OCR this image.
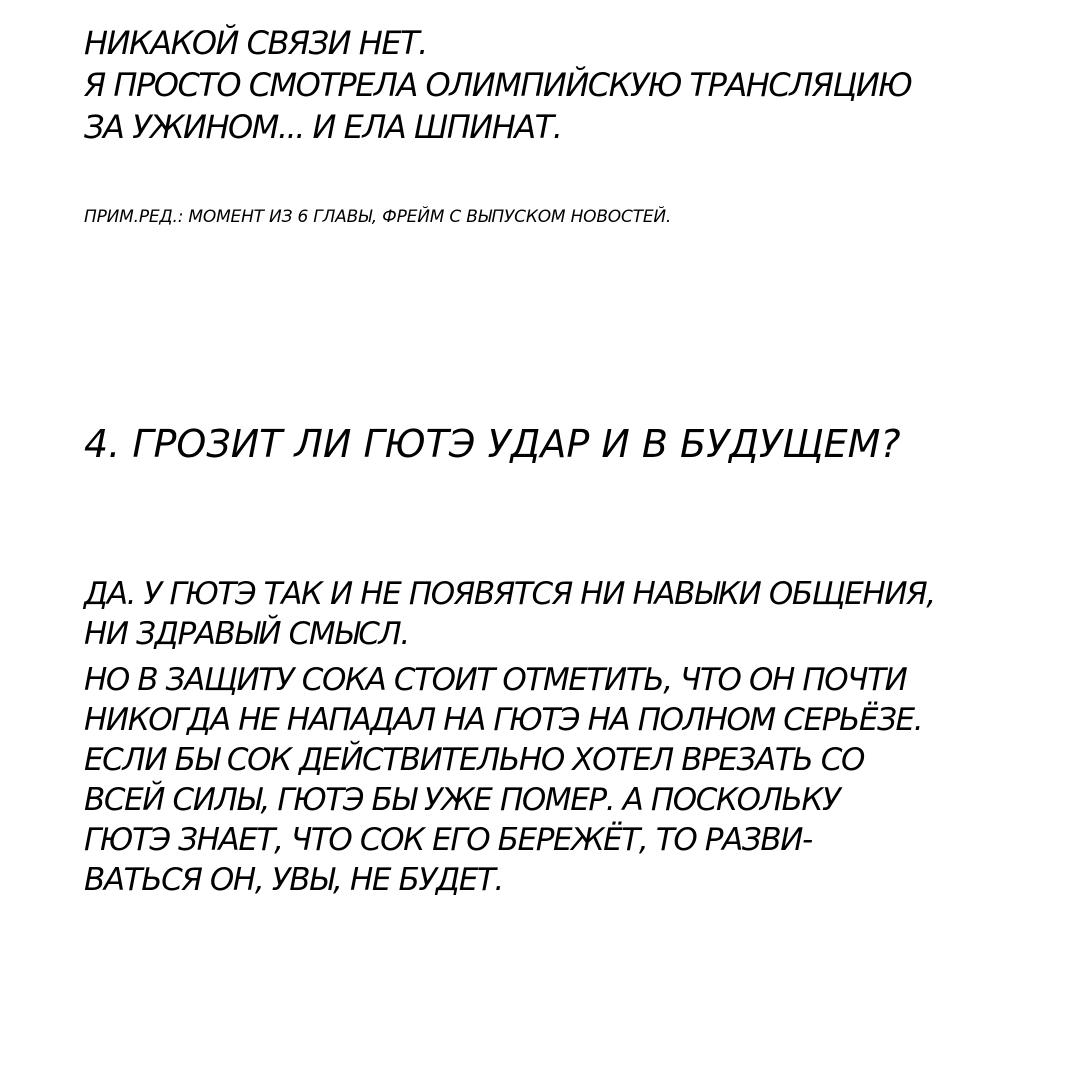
НИКАКОЙ СВЯЗИ НЕТ.
Я ПРОСТО СМОТРЕЛА ОЛИМПИЙСКУЮ ТРАНСЛЯЦИЮ
ЗА УЖИНОМ... И ЕЛА ШПИНАТ.
ПРИМ.РЕД.: МОМЕНТ ИЗ 6 ГЛАВЫ, ФРЕЙМ С ВЫПУСКОМ НОВОСТЕЙ.
4. ГРОЗИТ ЛИ ГЮТЭ УДАР И В БУДУЩЕМ?
ДА. У ГЮТЭ ТАК И НЕ ПОЯВЯТСЯ НИ НАВЫКИ ОБЩЕНИЯ,
НИ ЗДРАВЫЙ СМЫСЛ.
НО В ЗАЩИТУ СОКА СТОИТ ОТМЕТИТЬ, ЧТО ОН ПОЧТИ
НИКОГДА НЕ НАПАДАЛ НА ГЮТЭ НА ПОЛНОМ СЕРЬЁЗЕ.
ЕСЛИ БЫ СОК ДЕЙСТВИТЕЛЬНО ХОТЕЛ ВРЕЗАТЬ СО
ВСЕЙ СИЛЫ, ГЮТЭ БЫ УЖЕ ПОМЕР. А ПОСКОЛЬКУ
ГЮТЭ ЗНАЕТ, ЧТО СОК ЕГО БЕРЕЖЁТ, ТО РАЗВИ-
ВАТЬСЯ ОН, УВЫ, НЕ БУДЕТ.
